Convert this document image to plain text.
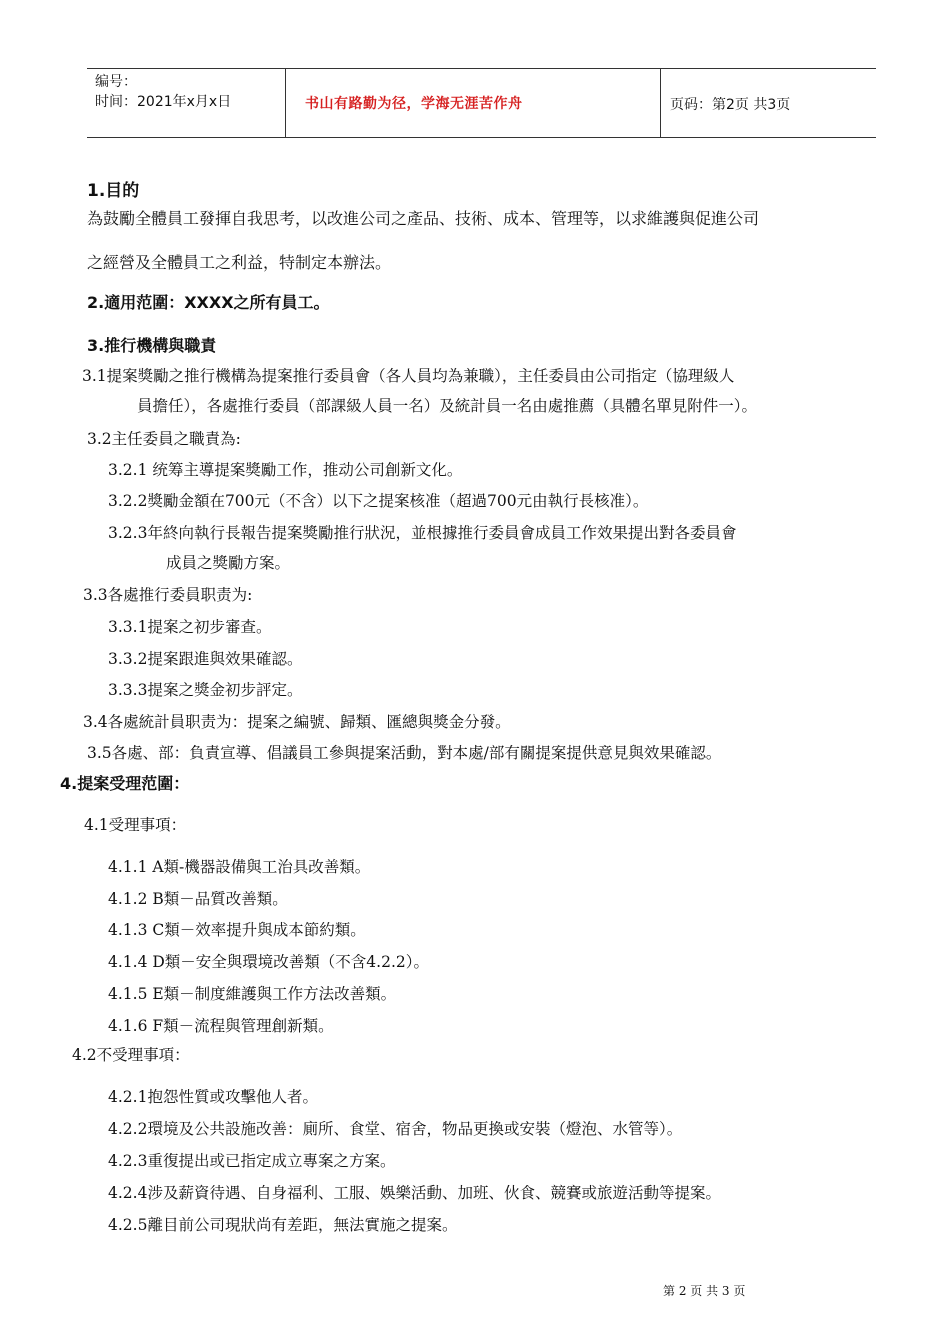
编号：
时间：2021年x月x日	书山有路勤为径，学海无涯苦作舟	页码：第2页 共3页
1.目的
為鼓勵全體員工發揮自我思考，以改進公司之產品、技術、成本、管理等，以求維護與促進公司
之經營及全體員工之利益，特制定本辦法。
2.適用范圍：XXXX之所有員工。
3.推行機構與職責
3.1提案獎勵之推行機構為提案推行委員會（各人員均為兼職），主任委員由公司指定（協理級人
員擔任），各處推行委員（部課級人員一名）及統計員一名由處推薦（具體名單見附件一）。
3.2主任委員之職責為:
3.2.1 统筹主導提案獎勵工作，推动公司創新文化。
3.2.2獎勵金額在700元（不含）以下之提案核准（超過700元由執行長核准）。
3.2.3年終向執行長報告提案獎勵推行狀況，並根據推行委員會成員工作效果提出對各委員會
成員之獎勵方案。
3.3各處推行委員职责为:
3.3.1提案之初步審查。
3.3.2提案跟進與效果確認。
3.3.3提案之獎金初步評定。
3.4各處統計員职责为：提案之編號、歸類、匯總與獎金分發。
3.5各處、部：負責宣導、倡議員工參與提案活動，對本處/部有關提案提供意見與效果確認。
4.提案受理范圍：
4.1受理事項：
4.1.1 A類-機器設備與工治具改善類。
4.1.2 B類－品質改善類。
4.1.3 C類－效率提升與成本節約類。
4.1.4 D類－安全與環境改善類（不含4.2.2）。
4.1.5 E類－制度維護與工作方法改善類。
4.1.6 F類－流程與管理創新類。
4.2不受理事項：
4.2.1抱怨性質或攻擊他人者。
4.2.2環境及公共設施改善：廁所、食堂、宿舍，物品更換或安裝（燈泡、水管等）。
4.2.3重復提出或已指定成立專案之方案。
4.2.4涉及薪資待遇、自身福利、工服、娛樂活動、加班、伙食、競賽或旅遊活動等提案。
4.2.5離目前公司現狀尚有差距，無法實施之提案。
第 2 页 共 3 页
